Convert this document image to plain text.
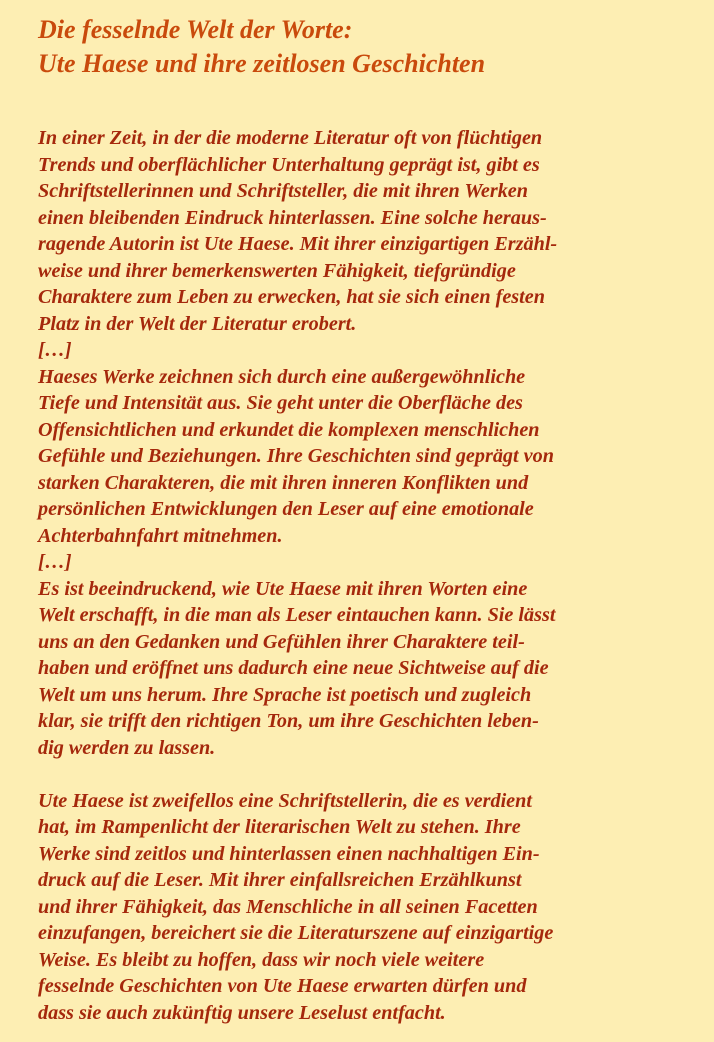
Die fesselnde Welt der Worte:
Ute Haese und ihre zeitlosen Geschichten
In einer Zeit, in der die moderne Literatur oft von flüchtigen
Trends und oberflächlicher Unterhaltung geprägt ist, gibt es
Schriftstellerinnen und Schriftsteller, die mit ihren Werken
einen bleibenden Eindruck hinterlassen. Eine solche heraus-
ragende Autorin ist Ute Haese. Mit ihrer einzigartigen Erzähl-
weise und ihrer bemerkenswerten Fähigkeit, tiefgründige
Charaktere zum Leben zu erwecken, hat sie sich einen festen
Platz in der Welt der Literatur erobert.
[…]
Haeses Werke zeichnen sich durch eine außergewöhnliche
Tiefe und Intensität aus. Sie geht unter die Oberfläche des
Offensichtlichen und erkundet die komplexen menschlichen
Gefühle und Beziehungen. Ihre Geschichten sind geprägt von
starken Charakteren, die mit ihren inneren Konflikten und
persönlichen Entwicklungen den Leser auf eine emotionale
Achterbahnfahrt mitnehmen.
[…]
Es ist beeindruckend, wie Ute Haese mit ihren Worten eine
Welt erschafft, in die man als Leser eintauchen kann. Sie lässt
uns an den Gedanken und Gefühlen ihrer Charaktere teil-
haben und eröffnet uns dadurch eine neue Sichtweise auf die
Welt um uns herum. Ihre Sprache ist poetisch und zugleich
klar, sie trifft den richtigen Ton, um ihre Geschichten leben-
dig werden zu lassen.
Ute Haese ist zweifellos eine Schriftstellerin, die es verdient
hat, im Rampenlicht der literarischen Welt zu stehen. Ihre
Werke sind zeitlos und hinterlassen einen nachhaltigen Ein-
druck auf die Leser. Mit ihrer einfallsreichen Erzählkunst
und ihrer Fähigkeit, das Menschliche in all seinen Facetten
einzufangen, bereichert sie die Literaturszene auf einzigartige
Weise. Es bleibt zu hoffen, dass wir noch viele weitere
fesselnde Geschichten von Ute Haese erwarten dürfen und
dass sie auch zukünftig unsere Leselust entfacht.
